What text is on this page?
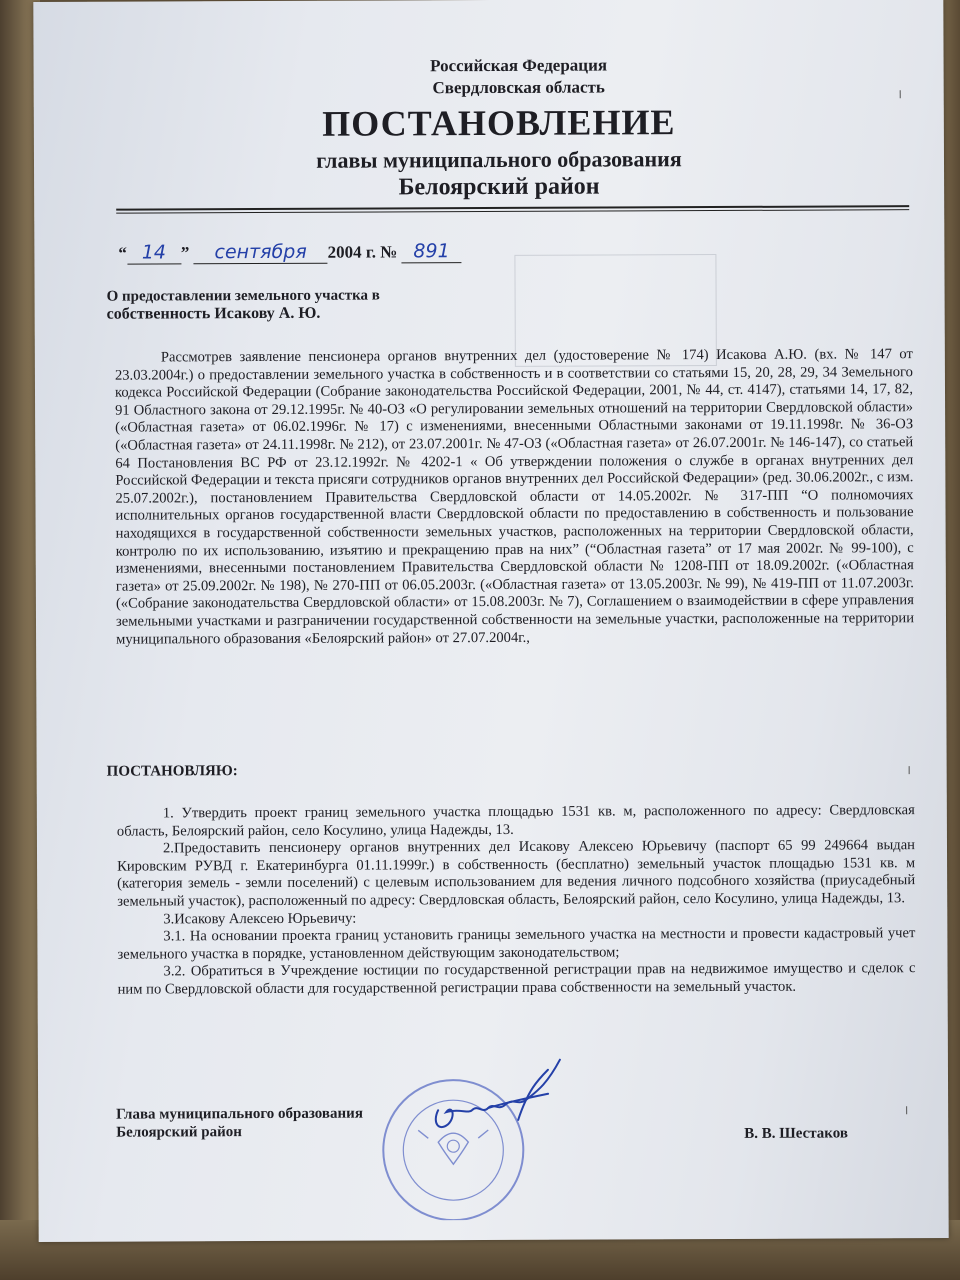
Российская Федерация
Свердловская область
ПОСТАНОВЛЕНИЕ
главы муниципального образования
Белоярский район
“ 14 ” сентября 2004 г. № 891
О предоставлении земельного участка в
собственность Исакову А. Ю.

Рассмотрев заявление пенсионера органов внутренних дел (удостоверение № 174) Исакова А.Ю. (вх. № 147 от 23.03.2004г.) о предоставлении земельного участка в собственность и в соответствии со статьями 15, 20, 28, 29, 34 Земельного кодекса Российской Федерации (Собрание законодательства Российской Федерации, 2001, № 44, ст. 4147), статьями 14, 17, 82, 91 Областного закона от 29.12.1995г. № 40-ОЗ «О регулировании земельных отношений на территории Свердловской области» («Областная газета» от 06.02.1996г. № 17) с изменениями, внесенными Областными законами от 19.11.1998г. № 36-ОЗ («Областная газета» от 24.11.1998г. № 212), от 23.07.2001г. № 47-ОЗ («Областная газета» от 26.07.2001г. № 146-147), со статьей 64 Постановления ВС РФ от 23.12.1992г. № 4202-1 « Об утверждении положения о службе в органах внутренних дел Российской Федерации и текста присяги сотрудников органов внутренних дел Российской Федерации» (ред. 30.06.2002г., с изм. 25.07.2002г.), постановлением Правительства Свердловской области от 14.05.2002г. № 317-ПП “О полномочиях исполнительных органов государственной власти Свердловской области по предоставлению в собственность и пользование находящихся в государственной собственности земельных участков, расположенных на территории Свердловской области, контролю по их использованию, изъятию и прекращению прав на них” (“Областная газета” от 17 мая 2002г. № 99-100), с изменениями, внесенными постановлением Правительства Свердловской области № 1208-ПП от 18.09.2002г. («Областная газета» от 25.09.2002г. № 198), № 270-ПП от 06.05.2003г. («Областная газета» от 13.05.2003г. № 99), № 419-ПП от 11.07.2003г. («Собрание законодательства Свердловской области» от 15.08.2003г. № 7), Соглашением о взаимодействии в сфере управления земельными участками и разграничении государственной собственности на земельные участки, расположенные на территории муниципального образования «Белоярский район» от 27.07.2004г.,

ПОСТАНОВЛЯЮ:

1. Утвердить проект границ земельного участка площадью 1531 кв. м, расположенного по адресу: Свердловская область, Белоярский район, село Косулино, улица Надежды, 13.

2.Предоставить пенсионеру органов внутренних дел Исакову Алексею Юрьевичу (паспорт 65 99 249664 выдан Кировским РУВД г. Екатеринбурга 01.11.1999г.) в собственность (бесплатно) земельный участок площадью 1531 кв. м (категория земель - земли поселений) с целевым использованием для ведения личного подсобного хозяйства (приусадебный земельный участок), расположенный по адресу: Свердловская область, Белоярский район, село Косулино, улица Надежды, 13.

3.Исакову Алексею Юрьевичу:

3.1. На основании проекта границ установить границы земельного участка на местности и провести кадастровый учет земельного участка в порядке, установленном действующим законодательством;

3.2. Обратиться в Учреждение юстиции по государственной регистрации прав на недвижимое имущество и сделок с ним по Свердловской области для государственной регистрации права собственности на земельный участок.

Глава муниципального образования
Белоярский район	В. В. Шестаков
